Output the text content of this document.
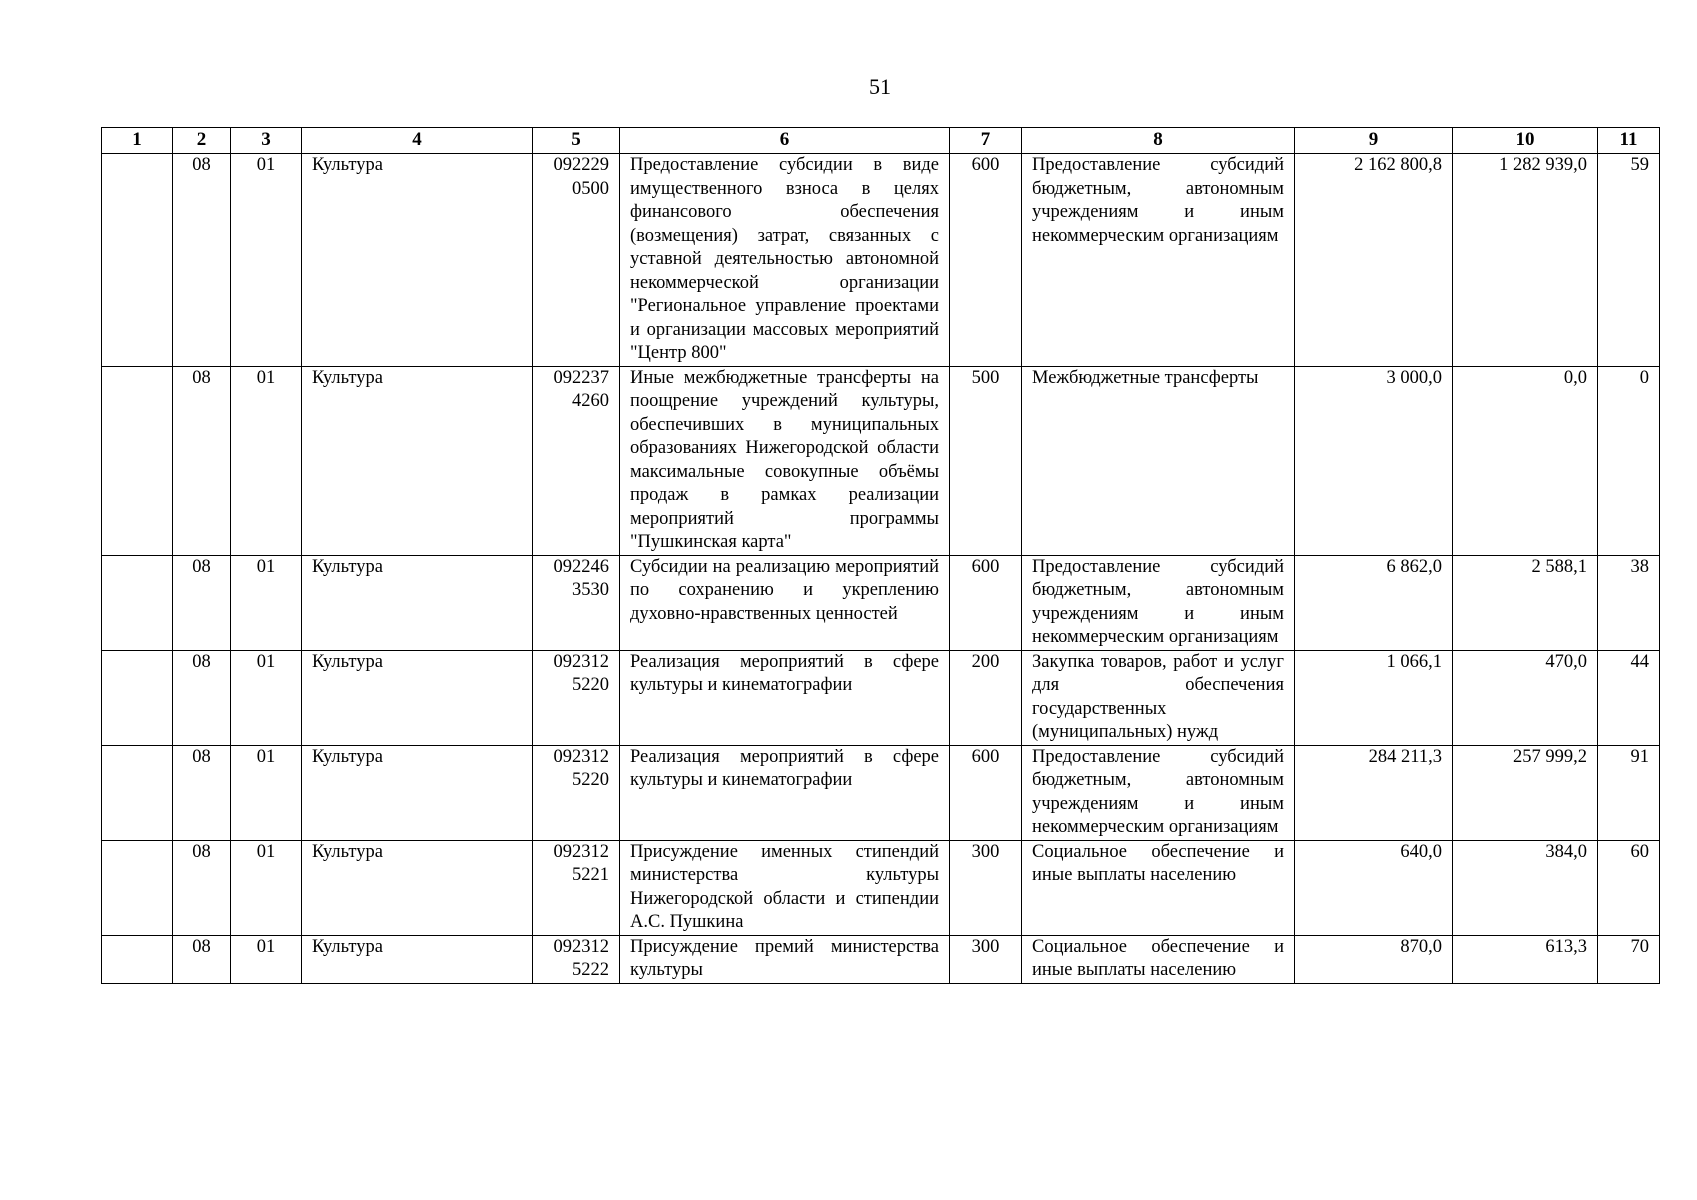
51
1	2	3	4	5	6	7	8	9	10	11
	08	01	Культура	092229 0500	Предоставление субсидии в виде имущественного взноса в целях финансового обеспечения (возмещения) затрат, связанных с уставной деятельностью автономной некоммерческой организации "Региональное управление проектами и организации массовых мероприятий "Центр 800"	600	Предоставление субсидий бюджетным, автономным учреждениям и иным некоммерческим организациям	2 162 800,8	1 282 939,0	59
	08	01	Культура	092237 4260	Иные межбюджетные трансферты на поощрение учреждений культуры, обеспечивших в муниципальных образованиях Нижегородской области максимальные совокупные объёмы продаж в рамках реализации мероприятий программы "Пушкинская карта"	500	Межбюджетные трансферты	3 000,0	0,0	0
	08	01	Культура	092246 3530	Субсидии на реализацию мероприятий по сохранению и укреплению духовно-нравственных ценностей	600	Предоставление субсидий бюджетным, автономным учреждениям и иным некоммерческим организациям	6 862,0	2 588,1	38
	08	01	Культура	092312 5220	Реализация мероприятий в сфере культуры и кинематографии	200	Закупка товаров, работ и услуг для обеспечения государственных (муниципальных) нужд	1 066,1	470,0	44
	08	01	Культура	092312 5220	Реализация мероприятий в сфере культуры и кинематографии	600	Предоставление субсидий бюджетным, автономным учреждениям и иным некоммерческим организациям	284 211,3	257 999,2	91
	08	01	Культура	092312 5221	Присуждение именных стипендий министерства культуры Нижегородской области и стипендии А.С. Пушкина	300	Социальное обеспечение и иные выплаты населению	640,0	384,0	60
	08	01	Культура	092312 5222	Присуждение премий министерства культуры	300	Социальное обеспечение и иные выплаты населению	870,0	613,3	70
